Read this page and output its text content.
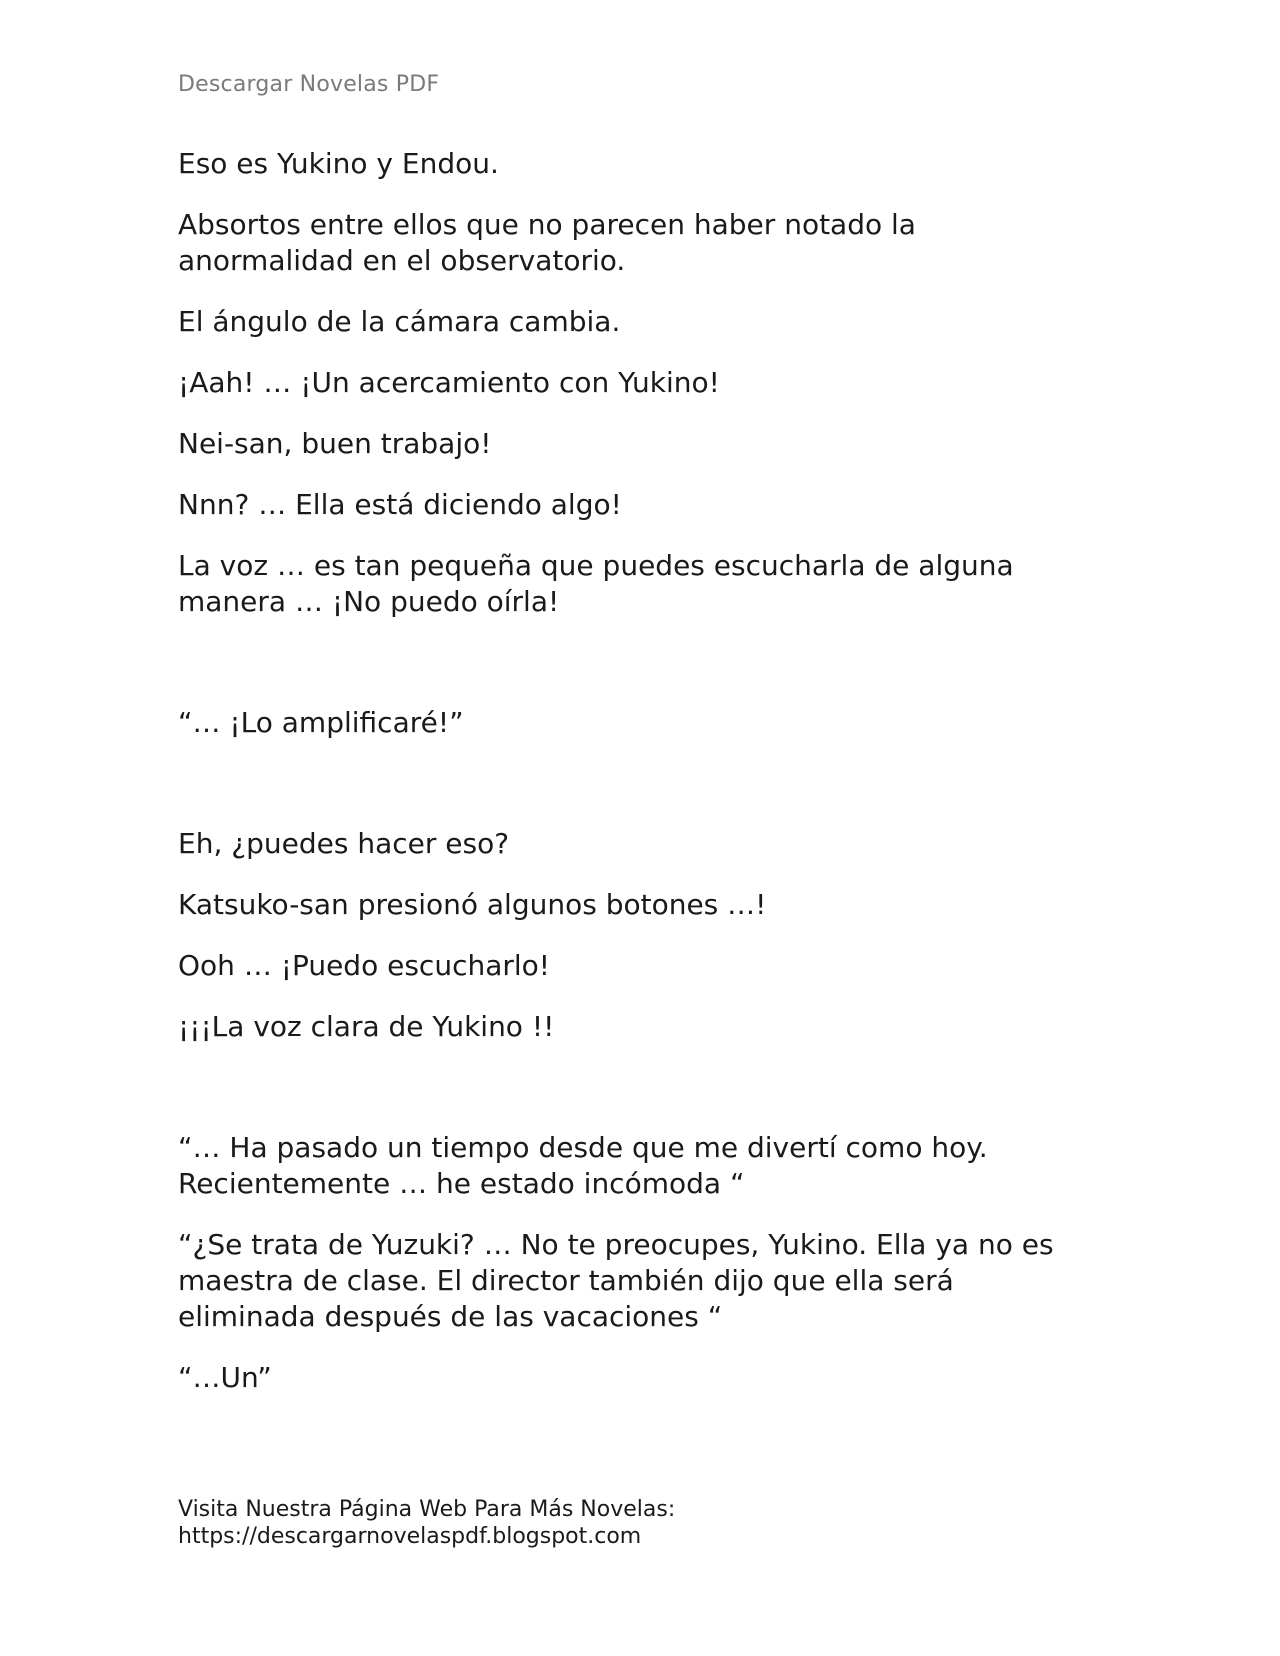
Descargar Novelas PDF

Eso es Yukino y Endou.

Absortos entre ellos que no parecen haber notado la
anormalidad en el observatorio.

El ángulo de la cámara cambia.

¡Aah! … ¡Un acercamiento con Yukino!

Nei-san, buen trabajo!

Nnn? … Ella está diciendo algo!

La voz … es tan pequeña que puedes escucharla de alguna
manera … ¡No puedo oírla!

“… ¡Lo amplificaré!”

Eh, ¿puedes hacer eso?

Katsuko-san presionó algunos botones …!

Ooh … ¡Puedo escucharlo!

¡¡¡La voz clara de Yukino !!

“… Ha pasado un tiempo desde que me divertí como hoy.
Recientemente … he estado incómoda “

“¿Se trata de Yuzuki? … No te preocupes, Yukino. Ella ya no es
maestra de clase. El director también dijo que ella será
eliminada después de las vacaciones “

“…Un”

Visita Nuestra Página Web Para Más Novelas:
https://descargarnovelaspdf.blogspot.com
